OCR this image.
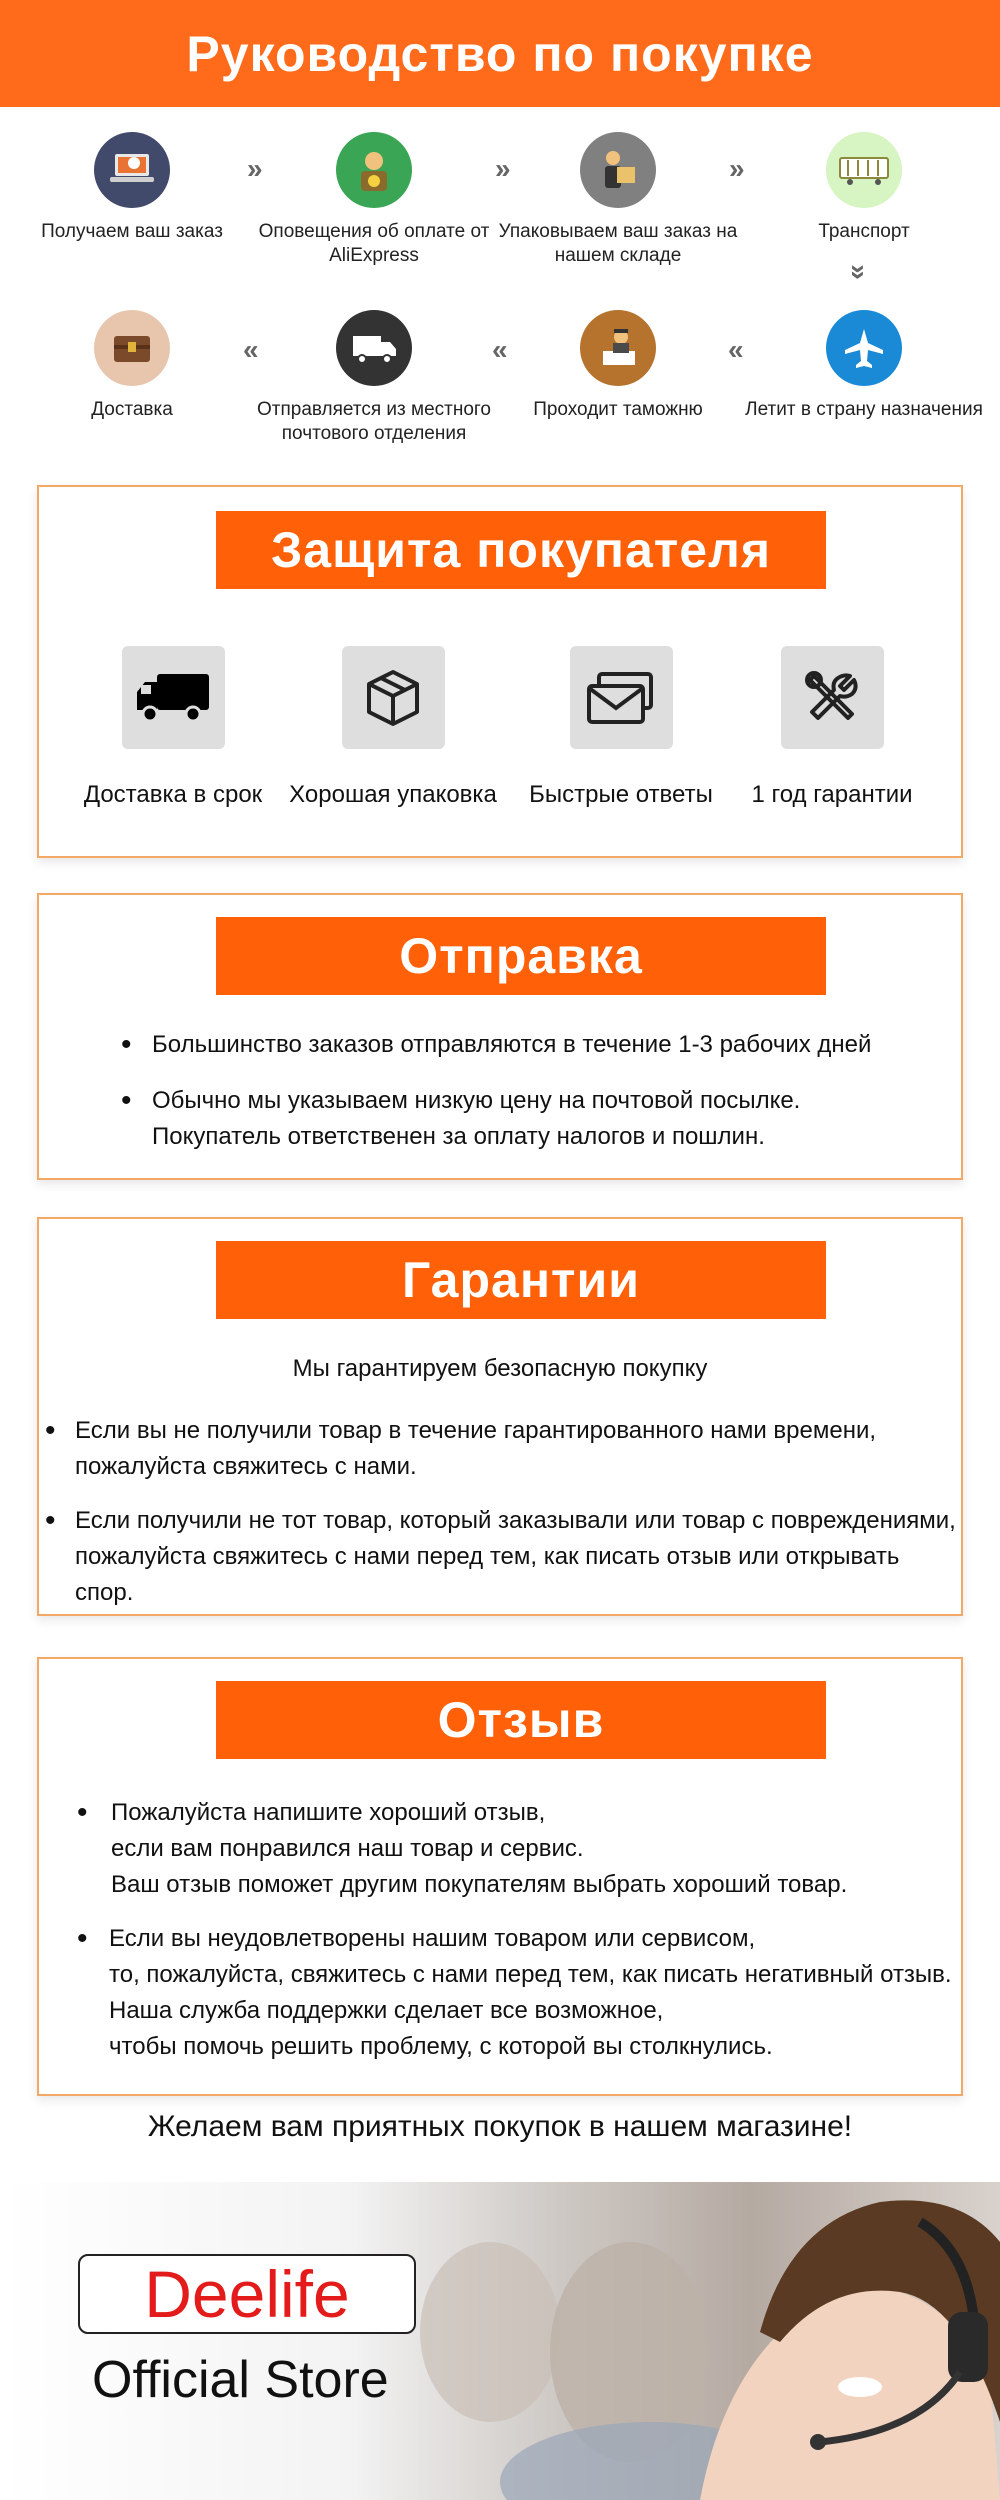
Руководство по покупке
Получаем ваш заказ
»
Оповещения об оплате от AliExpress
»
Упаковываем ваш заказ на нашем складе
»
Транспорт
»
Летит в страну назначения
«
Проходит таможню
«
Отправляется из местного почтового отделения
«
Доставка
Защита покупателя
Доставка в срок	Хорошая упаковка	Быстрые ответы	1 год гарантии
Отправка
• Большинство заказов отправляются в течение 1-3 рабочих дней
• Обычно мы указываем низкую цену на почтовой посылке.
Покупатель ответственен за оплату налогов и пошлин.
Гарантии
Мы гарантируем безопасную покупку
• Если вы не получили товар в течение гарантированного нами времени,
пожалуйста свяжитесь с нами.
• Если получили не тот товар, который заказывали или товар с повреждениями,
пожалуйста свяжитесь с нами перед тем, как писать отзыв или открывать спор.
Отзыв
• Пожалуйста напишите хороший отзыв,
если вам понравился наш товар и сервис.
Ваш отзыв поможет другим покупателям выбрать хороший товар.
• Если вы неудовлетворены нашим товаром или сервисом,
то, пожалуйста, свяжитесь с нами перед тем, как писать негативный отзыв.
Наша служба поддержки сделает все возможное,
чтобы помочь решить проблему, с которой вы столкнулись.
Желаем вам приятных покупок в нашем магазине!
Deelife
Official Store
